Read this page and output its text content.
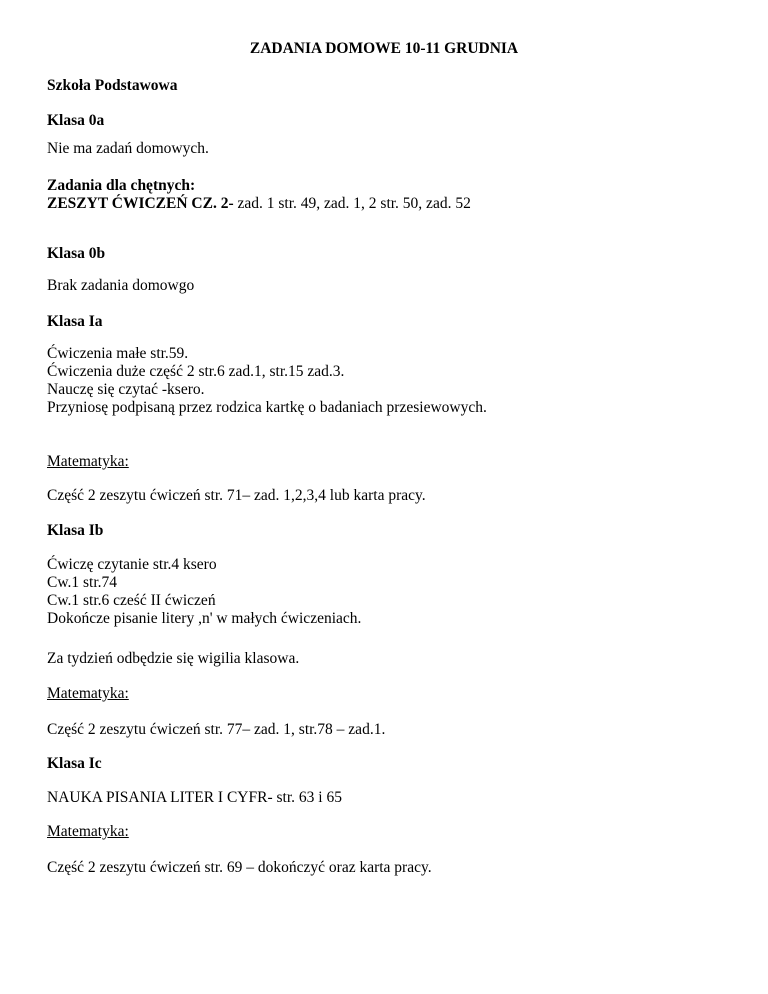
ZADANIA DOMOWE 10-11 GRUDNIA
Szkoła Podstawowa
Klasa 0a
Nie ma zadań domowych.
Zadania dla chętnych:
ZESZYT ĆWICZEŃ CZ. 2- zad. 1 str. 49, zad. 1, 2 str. 50, zad. 52
Klasa 0b
Brak zadania domowgo
Klasa Ia
Ćwiczenia małe str.59.
Ćwiczenia duże część 2 str.6 zad.1, str.15 zad.3.
Nauczę się czytać -ksero.
Przyniosę podpisaną przez rodzica kartkę o badaniach przesiewowych.
Matematyka:
Część 2 zeszytu ćwiczeń str. 71– zad. 1,2,3,4 lub karta pracy.
Klasa Ib
Ćwiczę czytanie str.4 ksero
Cw.1 str.74
Cw.1 str.6 cześć II ćwiczeń
Dokończe pisanie litery ,n' w małych ćwiczeniach.
Za tydzień odbędzie się wigilia klasowa.
Matematyka:
Część 2 zeszytu ćwiczeń str. 77– zad. 1, str.78 – zad.1.
Klasa Ic
NAUKA PISANIA LITER I CYFR- str. 63 i 65
Matematyka:
Część 2 zeszytu ćwiczeń str. 69 – dokończyć oraz karta pracy.
